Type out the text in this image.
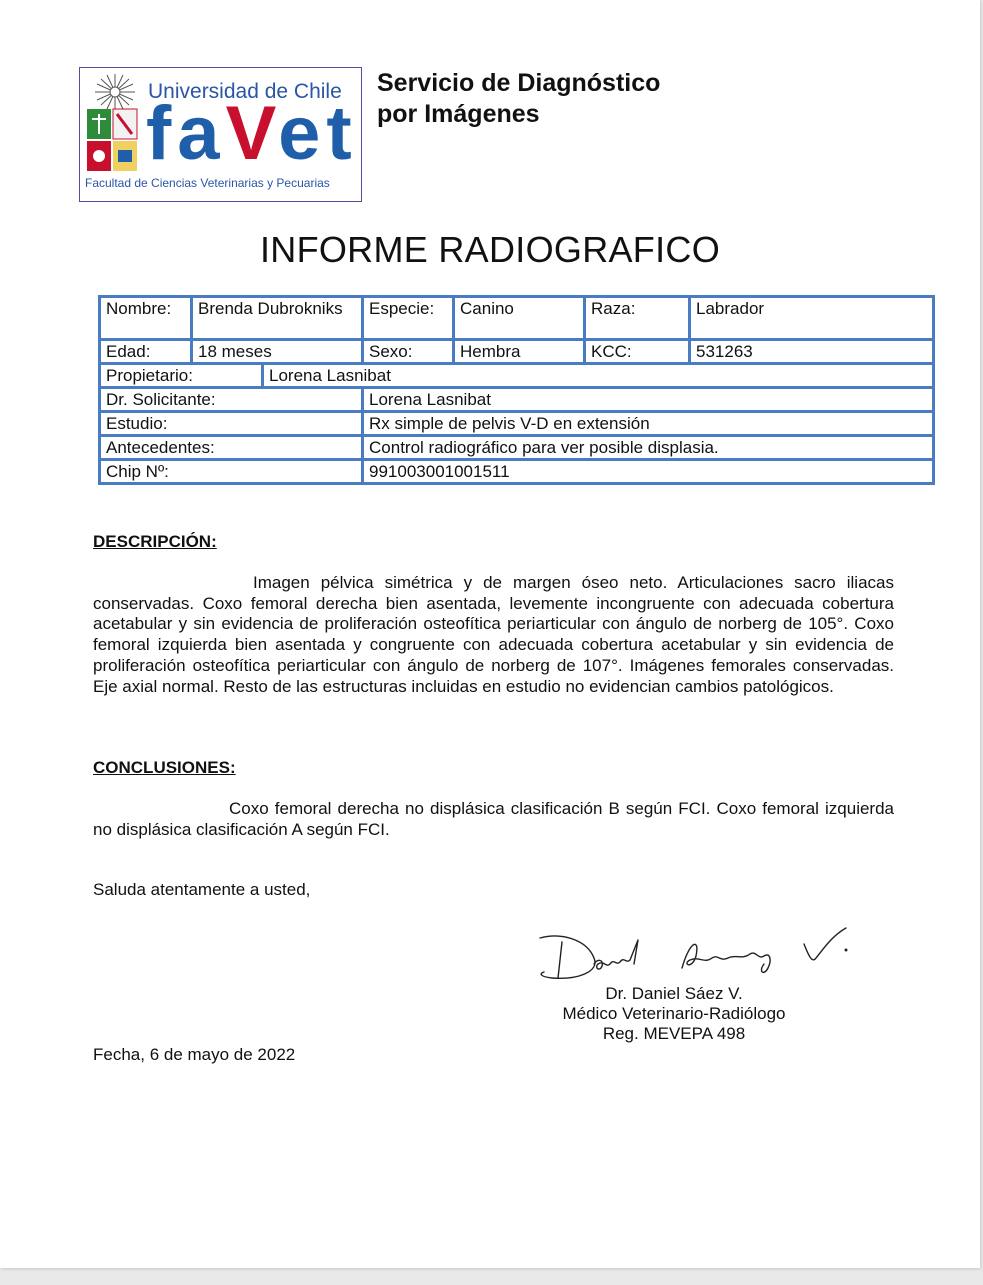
Universidad de Chile
faVet
Facultad de Ciencias Veterinarias y Pecuarias
Servicio de Diagnóstico
por Imágenes
INFORME RADIOGRAFICO
Nombre:	Brenda Dubrokniks		Especie:	Canino	Raza:	Labrador
Edad:	18 meses		Sexo:	Hembra	KCC:	531263
Propietario:		Lorena Lasnibat				
Dr. Solicitante:			Lorena Lasnibat			
Estudio:			Rx simple de pelvis V-D en extensión			
Antecedentes:			Control radiográfico para ver posible displasia.			
Chip Nº:			991003001001511			
DESCRIPCIÓN:
Imagen pélvica simétrica y de margen óseo neto. Articulaciones sacro iliacas conservadas. Coxo femoral derecha bien asentada, levemente incongruente con adecuada cobertura acetabular y sin evidencia de proliferación osteofítica periarticular con ángulo de norberg de 105°. Coxo femoral izquierda bien asentada y congruente con adecuada cobertura acetabular y sin evidencia de proliferación osteofítica periarticular con ángulo de norberg de 107°. Imágenes femorales conservadas. Eje axial normal. Resto de las estructuras incluidas en estudio no evidencian cambios patológicos.
CONCLUSIONES:
Coxo femoral derecha no displásica clasificación B según FCI. Coxo femoral izquierda no displásica clasificación A según FCI.
Saluda atentamente a usted,
Dr. Daniel Sáez V.
Médico Veterinario-Radiólogo
Reg. MEVEPA 498
Fecha, 6 de mayo de 2022
